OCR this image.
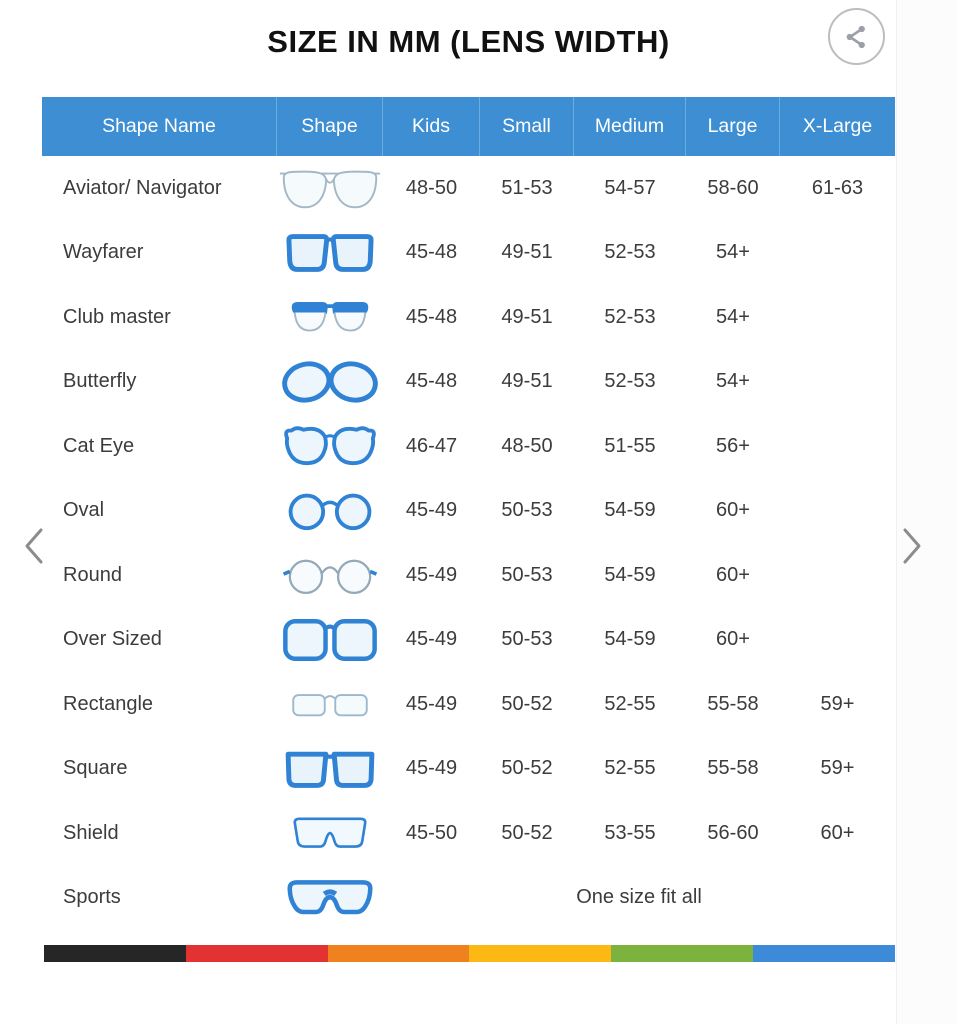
SIZE IN MM (LENS WIDTH)
Shape Name	Shape	Kids	Small	Medium	Large	X-Large
Aviator/ Navigator	48-50	51-53	54-57	58-60	61-63
Wayfarer	45-48	49-51	52-53	54+
Club master	45-48	49-51	52-53	54+
Butterfly	45-48	49-51	52-53	54+
Cat Eye	46-47	48-50	51-55	56+
Oval	45-49	50-53	54-59	60+
Round	45-49	50-53	54-59	60+
Over Sized	45-49	50-53	54-59	60+
Rectangle	45-49	50-52	52-55	55-58	59+
Square	45-49	50-52	52-55	55-58	59+
Shield	45-50	50-52	53-55	56-60	60+
Sports	One size fit all
